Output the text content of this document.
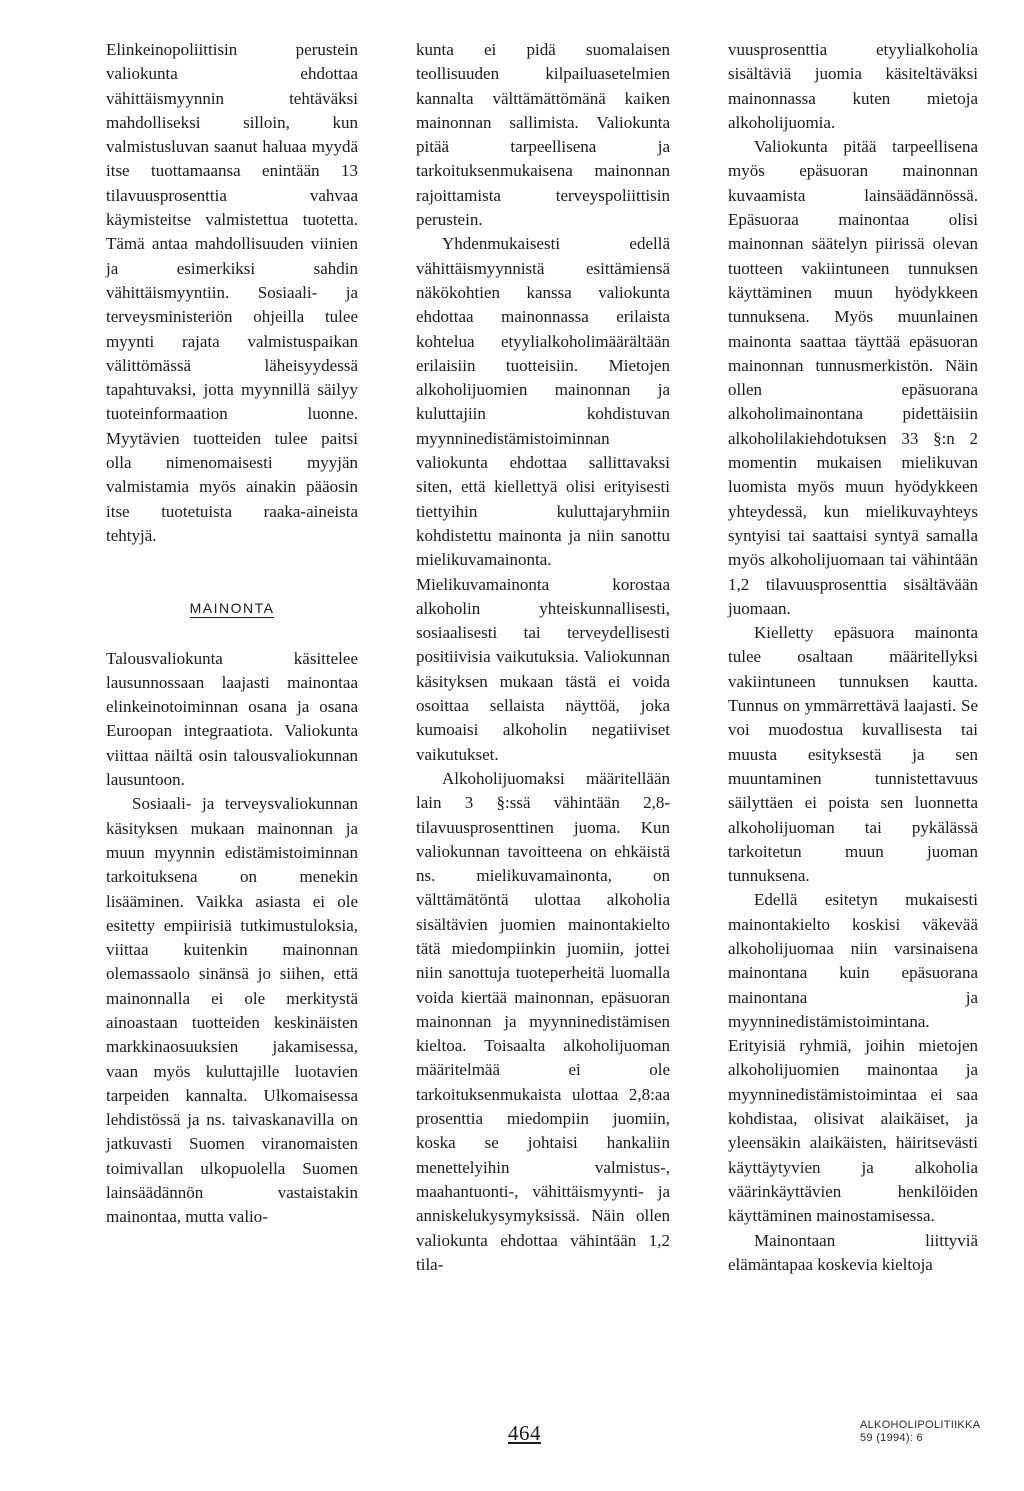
Elinkeinopoliittisin perustein valiokunta ehdottaa vähittäismyynnin tehtäväksi mahdolliseksi silloin, kun valmistusluvan saanut haluaa myydä itse tuottamaansa enintään 13 tilavuusprosenttia vahvaa käymisteitse valmistettua tuotetta. Tämä antaa mahdollisuuden viinien ja esimerkiksi sahdin vähittäismyyntiin. Sosiaali- ja terveysministeriön ohjeilla tulee myynti rajata valmistuspaikan välittömässä läheisyydessä tapahtuvaksi, jotta myynnillä säilyy tuoteinformaation luonne. Myytävien tuotteiden tulee paitsi olla nimenomaisesti myyjän valmistamia myös ainakin pääosin itse tuotetuista raaka-aineista tehtyjä.

MAINONTA

Talousvaliokunta käsittelee lausunnossaan laajasti mainontaa elinkeinotoiminnan osana ja osana Euroopan integraatiota. Valiokunta viittaa näiltä osin talousvaliokunnan lausuntoon.

Sosiaali- ja terveysvaliokunnan käsityksen mukaan mainonnan ja muun myynnin edistämistoiminnan tarkoituksena on menekin lisääminen. Vaikka asiasta ei ole esitetty empiirisiä tutkimustuloksia, viittaa kuitenkin mainonnan olemassaolo sinänsä jo siihen, että mainonnalla ei ole merkitystä ainoastaan tuotteiden keskinäisten markkinaosuuksien jakamisessa, vaan myös kuluttajille luotavien tarpeiden kannalta. Ulkomaisessa lehdistössä ja ns. taivaskanavilla on jatkuvasti Suomen viranomaisten toimivallan ulkopuolella Suomen lainsäädännön vastaistakin mainontaa, mutta valio-

kunta ei pidä suomalaisen teollisuuden kilpailuasetelmien kannalta välttämättömänä kaiken mainonnan sallimista. Valiokunta pitää tarpeellisena ja tarkoituksenmukaisena mainonnan rajoittamista terveyspoliittisin perustein.

Yhdenmukaisesti edellä vähittäismyynnistä esittämiensä näkökohtien kanssa valiokunta ehdottaa mainonnassa erilaista kohtelua etyylialkoholimäärältään erilaisiin tuotteisiin. Mietojen alkoholijuomien mainonnan ja kuluttajiin kohdistuvan myynninedistämistoiminnan valiokunta ehdottaa sallittavaksi siten, että kiellettyä olisi erityisesti tiettyihin kuluttajaryhmiin kohdistettu mainonta ja niin sanottu mielikuvamainonta. Mielikuvamainonta korostaa alkoholin yhteiskunnallisesti, sosiaalisesti tai terveydellisesti positiivisia vaikutuksia. Valiokunnan käsityksen mukaan tästä ei voida osoittaa sellaista näyttöä, joka kumoaisi alkoholin negatiiviset vaikutukset.

Alkoholijuomaksi määritellään lain 3 §:ssä vähintään 2,8-tilavuusprosenttinen juoma. Kun valiokunnan tavoitteena on ehkäistä ns. mielikuvamainonta, on välttämätöntä ulottaa alkoholia sisältävien juomien mainontakielto tätä miedompiinkin juomiin, jottei niin sanottuja tuoteperheitä luomalla voida kiertää mainonnan, epäsuoran mainonnan ja myynninedistämisen kieltoa. Toisaalta alkoholijuoman määritelmää ei ole tarkoituksenmukaista ulottaa 2,8:aa prosenttia miedompiin juomiin, koska se johtaisi hankaliin menettelyihin valmistus-, maahantuonti-, vähittäismyynti- ja anniskelukysymyksissä. Näin ollen valiokunta ehdottaa vähintään 1,2 tila-

vuusprosenttia etyylialkoholia sisältäviä juomia käsiteltäväksi mainonnassa kuten mietoja alkoholijuomia.

Valiokunta pitää tarpeellisena myös epäsuoran mainonnan kuvaamista lainsäädännössä. Epäsuoraa mainontaa olisi mainonnan säätelyn piirissä olevan tuotteen vakiintuneen tunnuksen käyttäminen muun hyödykkeen tunnuksena. Myös muunlainen mainonta saattaa täyttää epäsuoran mainonnan tunnusmerkistön. Näin ollen epäsuorana alkoholimainontana pidettäisiin alkoholilakiehdotuksen 33 §:n 2 momentin mukaisen mielikuvan luomista myös muun hyödykkeen yhteydessä, kun mielikuvayhteys syntyisi tai saattaisi syntyä samalla myös alkoholijuomaan tai vähintään 1,2 tilavuusprosenttia sisältävään juomaan.

Kielletty epäsuora mainonta tulee osaltaan määritellyksi vakiintuneen tunnuksen kautta. Tunnus on ymmärrettävä laajasti. Se voi muodostua kuvallisesta tai muusta esityksestä ja sen muuntaminen tunnistettavuus säilyttäen ei poista sen luonnetta alkoholijuoman tai pykälässä tarkoitetun muun juoman tunnuksena.

Edellä esitetyn mukaisesti mainontakielto koskisi väkevää alkoholijuomaa niin varsinaisena mainontana kuin epäsuorana mainontana ja myynninedistämistoimintana. Erityisiä ryhmiä, joihin mietojen alkoholijuomien mainontaa ja myynninedistämistoimintaa ei saa kohdistaa, olisivat alaikäiset, ja yleensäkin alaikäisten, häiritsevästi käyttäytyvien ja alkoholia väärinkäyttävien henkilöiden käyttäminen mainostamisessa.

Mainontaan liittyviä elämäntapaa koskevia kieltoja

464	ALKOHOLIPOLITIIKKA
59 (1994): 6
